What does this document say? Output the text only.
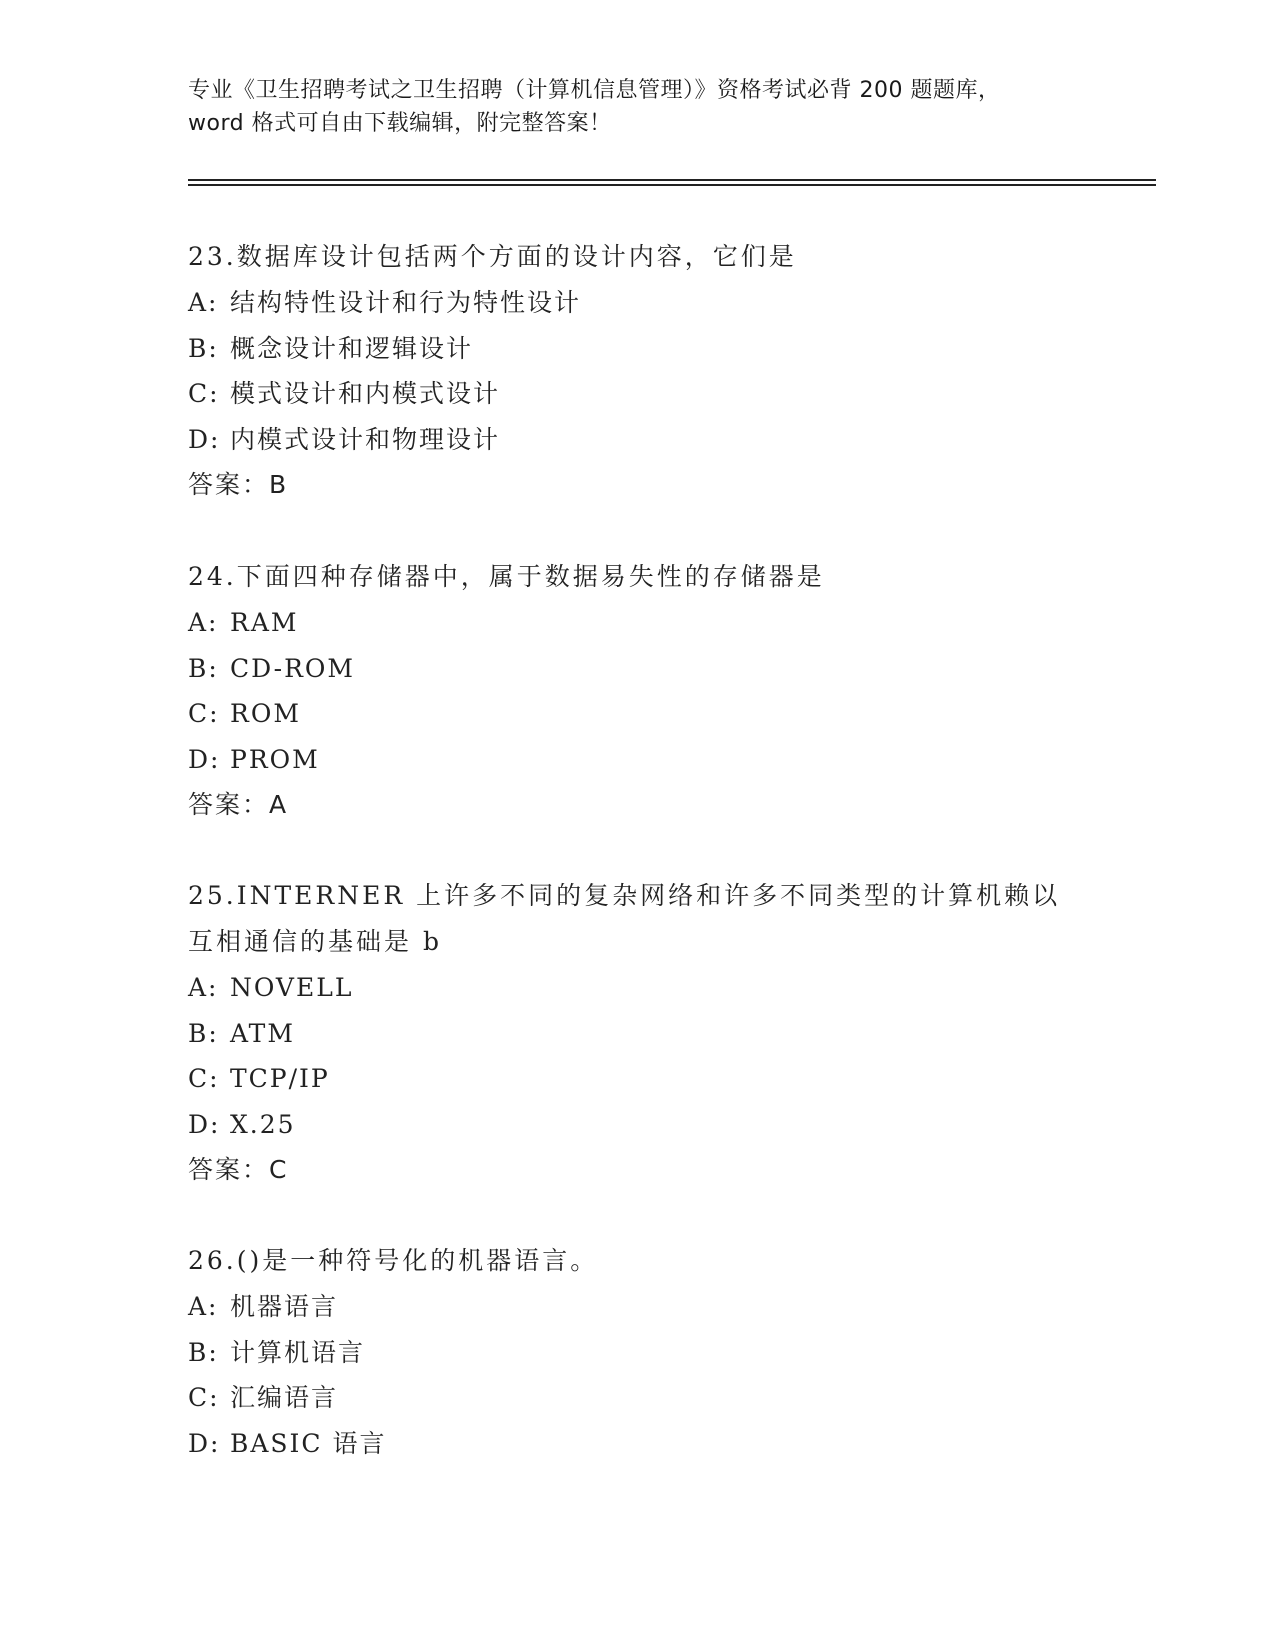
专业《卫生招聘考试之卫生招聘（计算机信息管理）》资格考试必背 200 题题库，
word 格式可自由下载编辑，附完整答案！
23.数据库设计包括两个方面的设计内容，它们是
A: 结构特性设计和行为特性设计
B: 概念设计和逻辑设计
C: 模式设计和内模式设计
D: 内模式设计和物理设计
答案：B
24.下面四种存储器中，属于数据易失性的存储器是
A: RAM
B: CD-ROM
C: ROM
D: PROM
答案：A
25.INTERNER 上许多不同的复杂网络和许多不同类型的计算机赖以互相通信的基础是 b
A: NOVELL
B: ATM
C: TCP/IP
D: X.25
答案：C
26.()是一种符号化的机器语言。
A: 机器语言
B: 计算机语言
C: 汇编语言
D: BASIC 语言
